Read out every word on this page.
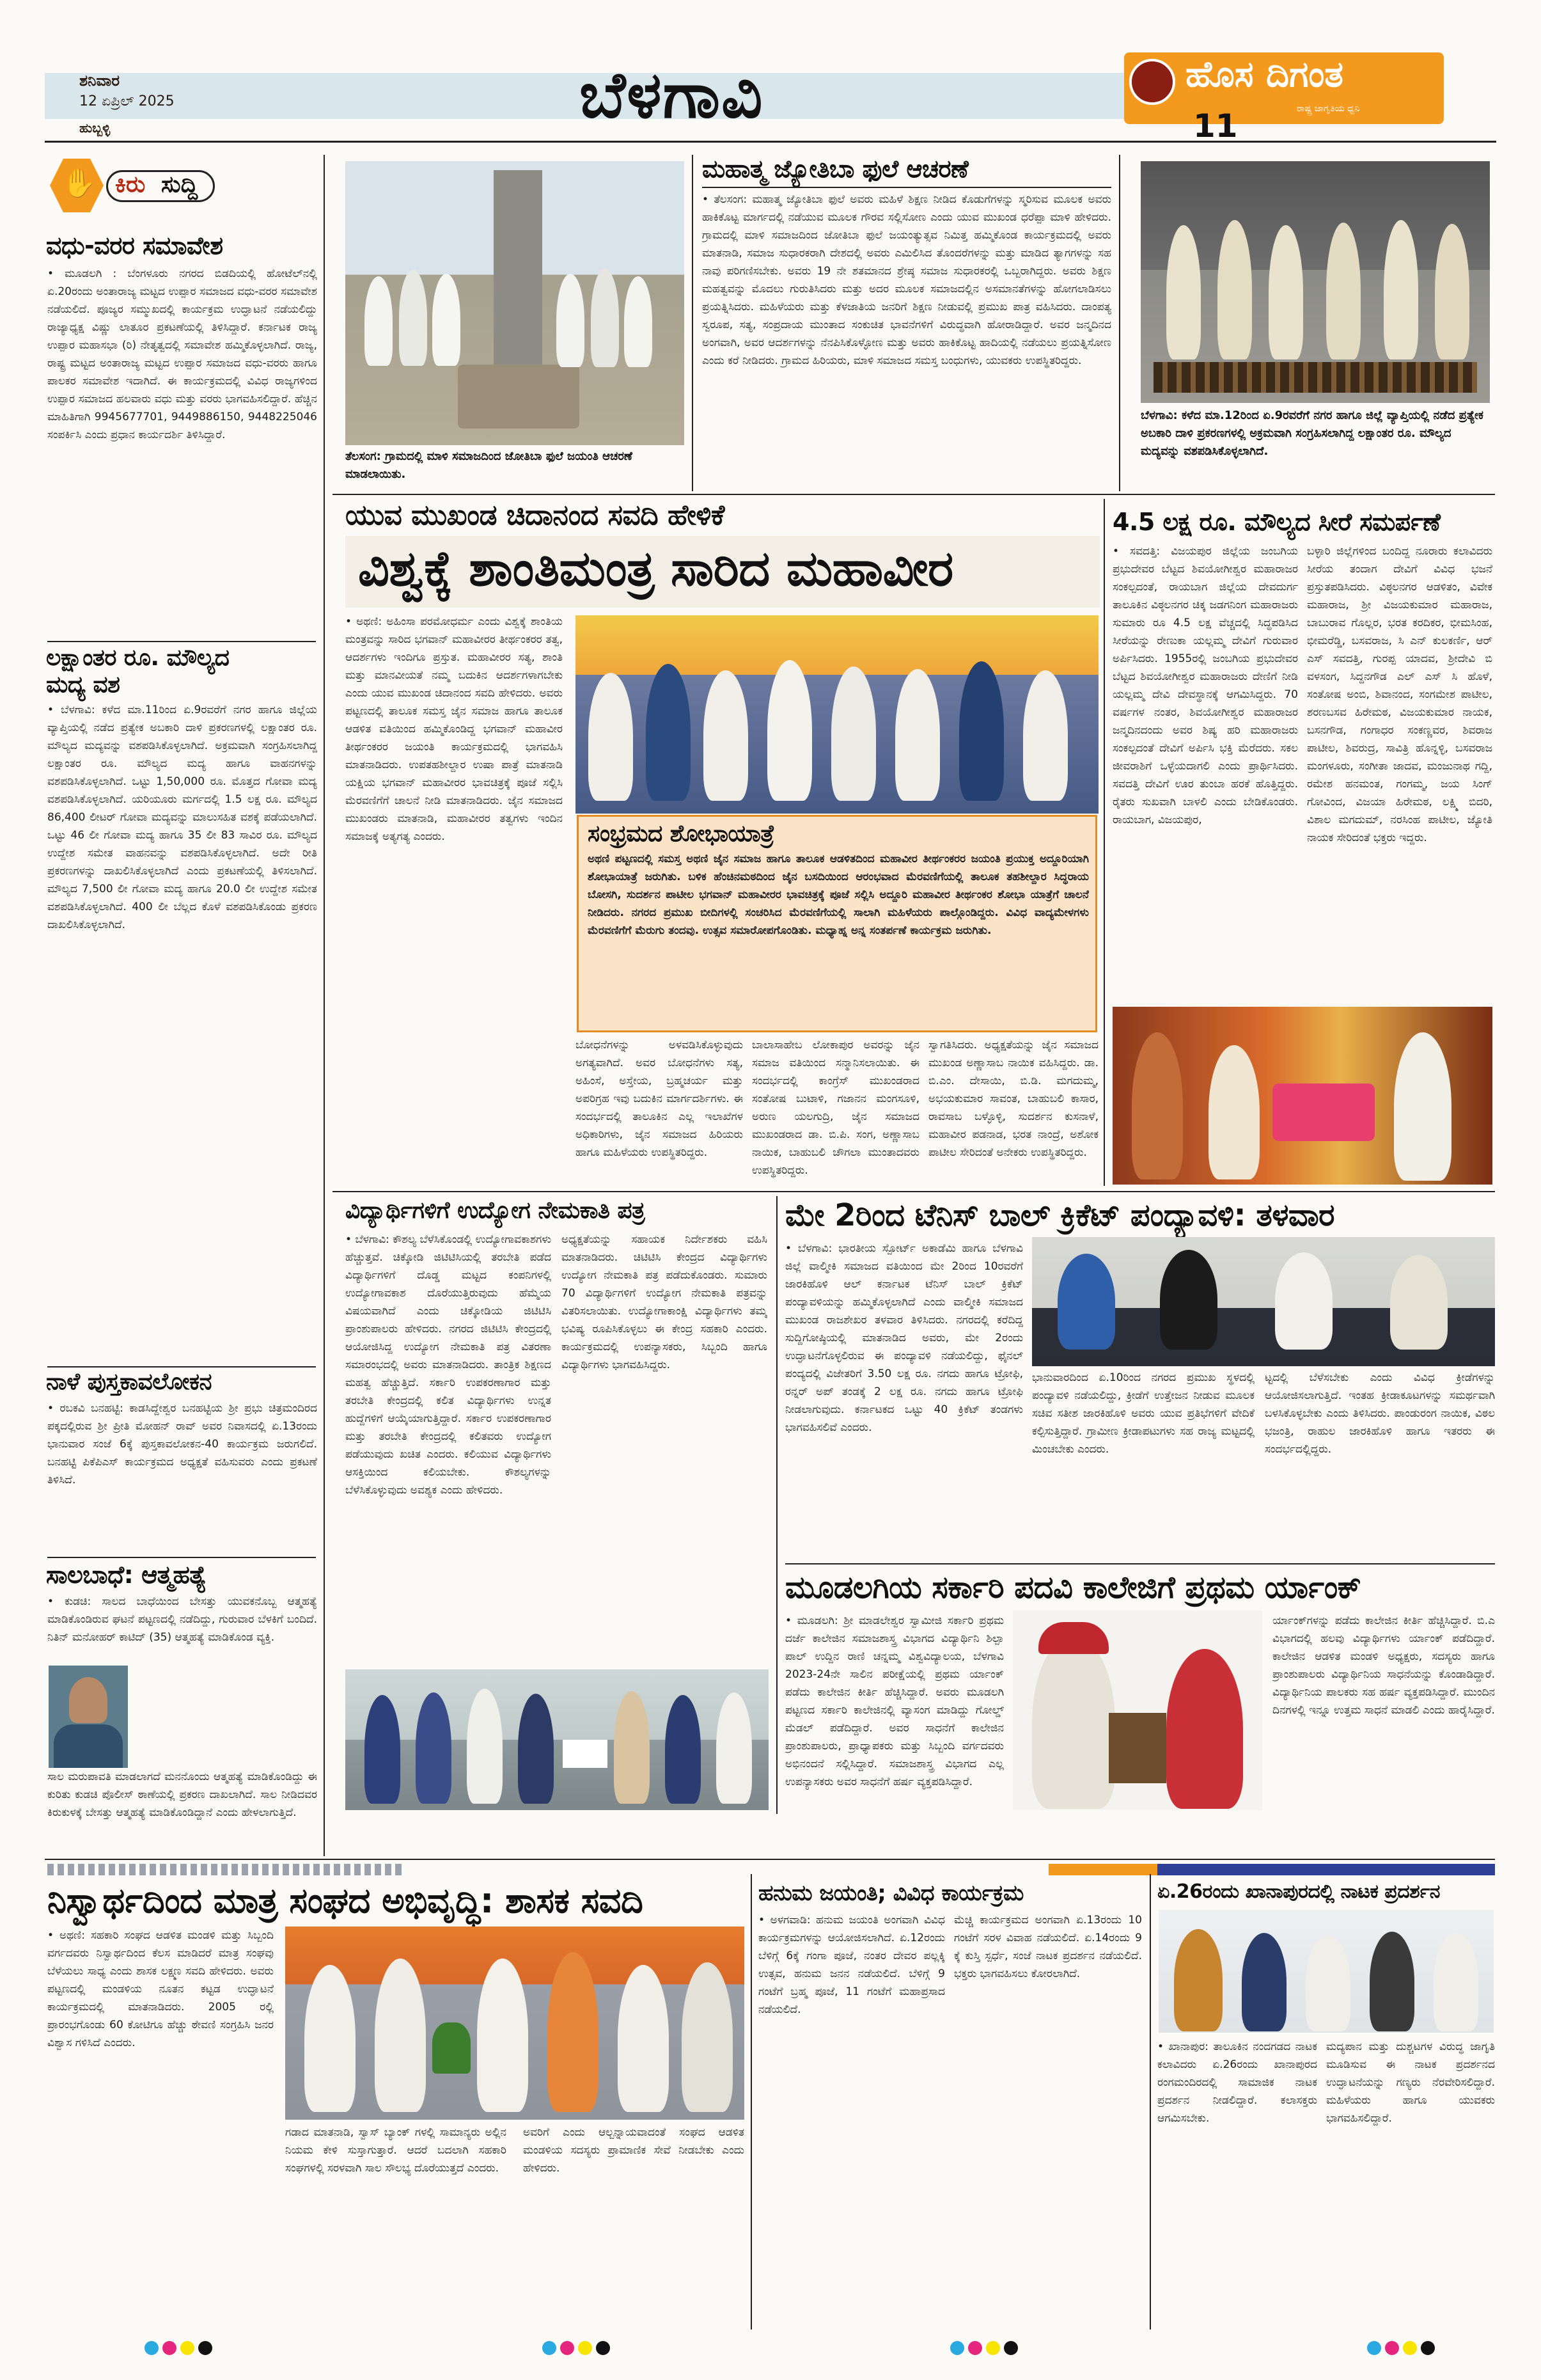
ಶನಿವಾರ
12 ಏಪ್ರಿಲ್ 2025
ಹುಬ್ಬಳ್ಳಿ	ಬೆಳಗಾವಿ	ಹೊಸ ದಿಗಂತ
ರಾಷ್ಟ್ರ ಜಾಗೃತಿಯ ಧ್ವನಿ
11
✋ ಕಿರು ಸುದ್ದಿ
ವಧು-ವರರ ಸಮಾವೇಶ
• ಮೂಡಲಗಿ : ಬೆಂಗಳೂರು ನಗರದ ಬಿಡದಿಯಲ್ಲಿ ಹೋಟೆಲ್‌ನಲ್ಲಿ ಏ.20ರಂದು ಅಂತಾರಾಜ್ಯ ಮಟ್ಟದ ಉಪ್ಪಾರ ಸಮಾಜದ ವಧು-ವರರ ಸಮಾವೇಶ ನಡೆಯಲಿದೆ. ಪೂಜ್ಯರ ಸಮ್ಮುಖದಲ್ಲಿ ಕಾರ್ಯಕ್ರಮ ಉದ್ಘಾಟನೆ ನಡೆಯಲಿದ್ದು ರಾಜ್ಯಾಧ್ಯಕ್ಷ ವಿಷ್ಣು ಲಾತೂರ ಪ್ರಕಟಣೆಯಲ್ಲಿ ತಿಳಿಸಿದ್ದಾರೆ. ಕರ್ನಾಟಕ ರಾಜ್ಯ ಉಪ್ಪಾರ ಮಹಾಸಭಾ (ರಿ) ನೇತೃತ್ವದಲ್ಲಿ ಸಮಾವೇಶ ಹಮ್ಮಿಕೊಳ್ಳಲಾಗಿದೆ. ರಾಜ್ಯ, ರಾಷ್ಟ್ರ ಮಟ್ಟದ ಅಂತಾರಾಜ್ಯ ಮಟ್ಟದ ಉಪ್ಪಾರ ಸಮಾಜದ ವಧು-ವರರು ಹಾಗೂ ಪಾಲಕರ ಸಮಾವೇಶ ಇದಾಗಿದೆ. ಈ ಕಾರ್ಯಕ್ರಮದಲ್ಲಿ ವಿವಿಧ ರಾಜ್ಯಗಳಿಂದ ಉಪ್ಪಾರ ಸಮಾಜದ ಹಲವಾರು ವಧು ಮತ್ತು ವರರು ಭಾಗವಹಿಸಲಿದ್ದಾರೆ. ಹೆಚ್ಚಿನ ಮಾಹಿತಿಗಾಗಿ 9945677701, 9449886150, 9448225046 ಸಂಪರ್ಕಿಸಿ ಎಂದು ಪ್ರಧಾನ ಕಾರ್ಯದರ್ಶಿ ತಿಳಿಸಿದ್ದಾರೆ.
ಲಕ್ಷಾಂತರ ರೂ. ಮೌಲ್ಯದ
ಮದ್ಯ ವಶ
• ಬೆಳಗಾವಿ: ಕಳೆದ ಮಾ.11ರಿಂದ ಏ.9ರವರೆಗೆ ನಗರ ಹಾಗೂ ಜಿಲ್ಲೆಯ ವ್ಯಾಪ್ತಿಯಲ್ಲಿ ನಡೆದ ಪ್ರತ್ಯೇಕ ಅಬಕಾರಿ ದಾಳಿ ಪ್ರಕರಣಗಳಲ್ಲಿ ಲಕ್ಷಾಂತರ ರೂ. ಮೌಲ್ಯದ ಮದ್ಯವನ್ನು ವಶಪಡಿಸಿಕೊಳ್ಳಲಾಗಿದೆ. ಅಕ್ರಮವಾಗಿ ಸಂಗ್ರಹಿಸಲಾಗಿದ್ದ ಲಕ್ಷಾಂತರ ರೂ. ಮೌಲ್ಯದ ಮದ್ಯ ಹಾಗೂ ವಾಹನಗಳನ್ನು ವಶಪಡಿಸಿಕೊಳ್ಳಲಾಗಿದೆ. ಒಟ್ಟು 1,50,000 ರೂ. ಮೊತ್ತದ ಗೋವಾ ಮದ್ಯ ವಶಪಡಿಸಿಕೊಳ್ಳಲಾಗಿದೆ. ಯರಿಯೂರು ಮರ್ಗದಲ್ಲಿ 1.5 ಲಕ್ಷ ರೂ. ಮೌಲ್ಯದ 86,400 ಲೀಟರ್ ಗೋವಾ ಮದ್ಯವನ್ನು ಮಾಲುಸಹಿತ ವಶಕ್ಕೆ ಪಡೆಯಲಾಗಿದೆ. ಒಟ್ಟು 46 ಲೀ ಗೋವಾ ಮದ್ಯ ಹಾಗೂ 35 ಲೀ 83 ಸಾವಿರ ರೂ. ಮೌಲ್ಯದ ಉದ್ದೇಶ ಸಮೇತ ವಾಹನವನ್ನು ವಶಪಡಿಸಿಕೊಳ್ಳಲಾಗಿದೆ. ಅದೇ ರೀತಿ ಪ್ರಕರಣಗಳನ್ನು ದಾಖಲಿಸಿಕೊಳ್ಳಲಾಗಿದೆ ಎಂದು ಪ್ರಕಟಣೆಯಲ್ಲಿ ತಿಳಿಸಲಾಗಿದೆ. ಮೌಲ್ಯದ 7,500 ಲೀ ಗೋವಾ ಮದ್ಯ ಹಾಗೂ 20.0 ಲೀ ಉದ್ದೇಶ ಸಮೇತ ವಶಪಡಿಸಿಕೊಳ್ಳಲಾಗಿದೆ. 400 ಲೀ ಬೆಲ್ಲದ ಕೊಳೆ ವಶಪಡಿಸಿಕೊಂಡು ಪ್ರಕರಣ ದಾಖಲಿಸಿಕೊಳ್ಳಲಾಗಿದೆ.
ನಾಳೆ ಪುಸ್ತಕಾವಲೋಕನ
• ರಬಕವಿ ಬನಹಟ್ಟಿ: ಕಾಡಸಿದ್ದೇಶ್ವರ ಬನಹಟ್ಟಿಯ ಶ್ರೀ ಪ್ರಭು ಚಿತ್ರಮಂದಿರದ ಪಕ್ಕದಲ್ಲಿರುವ ಶ್ರೀ ಪ್ರೀತಿ ಮೋಹನ್ ರಾವ್ ಅವರ ನಿವಾಸದಲ್ಲಿ ಏ.13ರಂದು ಭಾನುವಾರ ಸಂಜೆ 6ಕ್ಕೆ ಪುಸ್ತಕಾವಲೋಕನ-40 ಕಾರ್ಯಕ್ರಮ ಜರುಗಲಿದೆ. ಬನಹಟ್ಟಿ ಪಿಕೆಪಿಎಸ್ ಕಾರ್ಯಕ್ರಮದ ಅಧ್ಯಕ್ಷತೆ ವಹಿಸುವರು ಎಂದು ಪ್ರಕಟಣೆ ತಿಳಿಸಿದೆ.
ಸಾಲಬಾಧೆ: ಆತ್ಮಹತ್ಯೆ
• ಕುಡಚಿ: ಸಾಲದ ಬಾಧೆಯಿಂದ ಬೇಸತ್ತು ಯುವಕನೊಬ್ಬ ಆತ್ಮಹತ್ಯೆ ಮಾಡಿಕೊಂಡಿರುವ ಘಟನೆ ಪಟ್ಟಣದಲ್ಲಿ ನಡೆದಿದ್ದು, ಗುರುವಾರ ಬೆಳಕಿಗೆ ಬಂದಿದೆ. ನಿತಿನ್ ಮನೋಹರ್ ಕಾಟಿದ್ (35) ಆತ್ಮಹತ್ಯೆ ಮಾಡಿಕೊಂಡ ವ್ಯಕ್ತಿ.
ಸಾಲ ಮರುಪಾವತಿ ಮಾಡಲಾಗದೆ ಮನನೊಂದು ಆತ್ಮಹತ್ಯೆ ಮಾಡಿಕೊಂಡಿದ್ದು ಈ ಕುರಿತು ಕುಡಚಿ ಪೊಲೀಸ್ ಠಾಣೆಯಲ್ಲಿ ಪ್ರಕರಣ ದಾಖಲಾಗಿದೆ. ಸಾಲ ನೀಡಿದವರ ಕಿರುಕುಳಕ್ಕೆ ಬೇಸತ್ತು ಆತ್ಮಹತ್ಯೆ ಮಾಡಿಕೊಂಡಿದ್ದಾನೆ ಎಂದು ಹೇಳಲಾಗುತ್ತಿದೆ.
ತೆಲಸಂಗ: ಗ್ರಾಮದಲ್ಲಿ ಮಾಳಿ ಸಮಾಜದಿಂದ ಜೋತಿಬಾ ಫುಲೆ ಜಯಂತಿ ಆಚರಣೆ ಮಾಡಲಾಯಿತು.
ಮಹಾತ್ಮ ಜ್ಯೋತಿಬಾ ಫುಲೆ ಆಚರಣೆ
• ತೆಲಸಂಗ: ಮಹಾತ್ಮ ಜ್ಯೋತಿಬಾ ಫುಲೆ ಅವರು ಮಹಿಳೆ ಶಿಕ್ಷಣ ನೀಡಿದ ಕೊಡುಗೆಗಳನ್ನು ಸ್ಮರಿಸುವ ಮೂಲಕ ಅವರು ಹಾಕಿಕೊಟ್ಟ ಮಾರ್ಗದಲ್ಲಿ ನಡೆಯುವ ಮೂಲಕ ಗೌರವ ಸಲ್ಲಿಸೋಣ ಎಂದು ಯುವ ಮುಖಂಡ ಧರೆಪ್ಪಾ ಮಾಳಿ ಹೇಳಿದರು. ಗ್ರಾಮದಲ್ಲಿ ಮಾಳಿ ಸಮಾಜದಿಂದ ಜೋತಿಬಾ ಫುಲೆ ಜಯಂತ್ಯುತ್ಸವ ನಿಮಿತ್ತ ಹಮ್ಮಿಕೊಂಡ ಕಾರ್ಯಕ್ರಮದಲ್ಲಿ ಅವರು ಮಾತನಾಡಿ, ಸಮಾಜ ಸುಧಾರಕರಾಗಿ ದೇಶದಲ್ಲಿ ಅವರು ಎಮಿಲಿಸಿದ ತೊಂದರೆಗಳನ್ನು ಮತ್ತು ಮಾಡಿದ ತ್ಯಾಗಗಳನ್ನು ಸಹ ನಾವು ಪರಿಗಣಿಸಬೇಕು. ಅವರು 19 ನೇ ಶತಮಾನದ ಶ್ರೇಷ್ಠ ಸಮಾಜ ಸುಧಾರಕರಲ್ಲಿ ಒಬ್ಬರಾಗಿದ್ದರು. ಅವರು ಶಿಕ್ಷಣ ಮಹತ್ವವನ್ನು ಮೊದಲು ಗುರುತಿಸಿದರು ಮತ್ತು ಅದರ ಮೂಲಕ ಸಮಾಜದಲ್ಲಿನ ಅಸಮಾನತೆಗಳನ್ನು ಹೋಗಲಾಡಿಸಲು ಪ್ರಯತ್ನಿಸಿದರು. ಮಹಿಳೆಯರು ಮತ್ತು ಕೆಳಜಾತಿಯ ಜನರಿಗೆ ಶಿಕ್ಷಣ ನೀಡುವಲ್ಲಿ ಪ್ರಮುಖ ಪಾತ್ರ ವಹಿಸಿದರು. ದಾಂಪತ್ಯ ಸ್ವರೂಪ, ಸತ್ಯ, ಸಂಪ್ರದಾಯ ಮುಂತಾದ ಸಂಕುಚಿತ ಭಾವನೆಗಳಿಗೆ ವಿರುದ್ಧವಾಗಿ ಹೋರಾಡಿದ್ದಾರೆ. ಅವರ ಜನ್ಮದಿನದ ಅಂಗವಾಗಿ, ಅವರ ಆದರ್ಶಗಳನ್ನು ನೆನಪಿಸಿಕೊಳ್ಳೋಣ ಮತ್ತು ಅವರು ಹಾಕಿಕೊಟ್ಟ ಹಾದಿಯಲ್ಲಿ ನಡೆಯಲು ಪ್ರಯತ್ನಿಸೋಣ ಎಂದು ಕರೆ ನೀಡಿದರು. ಗ್ರಾಮದ ಹಿರಿಯರು, ಮಾಳಿ ಸಮಾಜದ ಸಮಸ್ತ ಬಂಧುಗಳು, ಯುವಕರು ಉಪಸ್ಥಿತರಿದ್ದರು.
ಬೆಳಗಾವಿ: ಕಳೆದ ಮಾ.12ರಿಂದ ಏ.9ರವರೆಗೆ ನಗರ ಹಾಗೂ ಜಿಲ್ಲೆ ವ್ಯಾಪ್ತಿಯಲ್ಲಿ ನಡೆದ ಪ್ರತ್ಯೇಕ ಅಬಕಾರಿ ದಾಳಿ ಪ್ರಕರಣಗಳಲ್ಲಿ ಅಕ್ರಮವಾಗಿ ಸಂಗ್ರಹಿಸಲಾಗಿದ್ದ ಲಕ್ಷಾಂತರ ರೂ. ಮೌಲ್ಯದ ಮದ್ಯವನ್ನು ವಶಪಡಿಸಿಕೊಳ್ಳಲಾಗಿದೆ.
ಯುವ ಮುಖಂಡ ಚಿದಾನಂದ ಸವದಿ ಹೇಳಿಕೆ
ವಿಶ್ವಕ್ಕೆ ಶಾಂತಿಮಂತ್ರ ಸಾರಿದ ಮಹಾವೀರ
• ಅಥಣಿ: ಅಹಿಂಸಾ ಪರಮೋಧರ್ಮ ಎಂದು ವಿಶ್ವಕ್ಕೆ ಶಾಂತಿಯ ಮಂತ್ರವನ್ನು ಸಾರಿದ ಭಗವಾನ್ ಮಹಾವೀರರ ತೀರ್ಥಂಕರರ ತತ್ವ, ಆದರ್ಶಗಳು ಇಂದಿಗೂ ಪ್ರಸ್ತುತ. ಮಹಾವೀರರ ಸತ್ಯ, ಶಾಂತಿ ಮತ್ತು ಮಾನವೀಯತೆ ನಮ್ಮ ಬದುಕಿನ ಆದರ್ಶಗಳಾಗಬೇಕು ಎಂದು ಯುವ ಮುಖಂಡ ಚಿದಾನಂದ ಸವದಿ ಹೇಳಿದರು. ಅವರು ಪಟ್ಟಣದಲ್ಲಿ ತಾಲೂಕ ಸಮಸ್ತ ಜೈನ ಸಮಾಜ ಹಾಗೂ ತಾಲೂಕ ಆಡಳಿತ ವತಿಯಿಂದ ಹಮ್ಮಿಕೊಂಡಿದ್ದ ಭಗವಾನ್ ಮಹಾವೀರ ತೀರ್ಥಂಕರರ ಜಯಂತಿ ಕಾರ್ಯಕ್ರಮದಲ್ಲಿ ಭಾಗವಹಿಸಿ ಮಾತನಾಡಿದರು. ಉಪತಹಶೀಲ್ದಾರ ಉಷಾ ಪಾತ್ರೆ ಮಾತನಾಡಿ ಯಕ್ಷಿಯ ಭಗವಾನ್ ಮಹಾವೀರರ ಭಾವಚಿತ್ರಕ್ಕೆ ಪೂಜೆ ಸಲ್ಲಿಸಿ ಮೆರವಣಿಗೆಗೆ ಚಾಲನೆ ನೀಡಿ ಮಾತನಾಡಿದರು. ಜೈನ ಸಮಾಜದ ಮುಖಂಡರು ಮಾತನಾಡಿ, ಮಹಾವೀರರ ತತ್ವಗಳು ಇಂದಿನ ಸಮಾಜಕ್ಕೆ ಅತ್ಯಗತ್ಯ ಎಂದರು.	ಸಂಭ್ರಮದ ಶೋಭಾಯಾತ್ರೆ
ಅಥಣಿ ಪಟ್ಟಣದಲ್ಲಿ ಸಮಸ್ತ ಅಥಣಿ ಜೈನ ಸಮಾಜ ಹಾಗೂ ತಾಲೂಕ ಆಡಳಿತದಿಂದ ಮಹಾವೀರ ತೀರ್ಥಂಕರರ ಜಯಂತಿ ಪ್ರಯುಕ್ತ ಅದ್ದೂರಿಯಾಗಿ ಶೋಭಾಯಾತ್ರೆ ಜರುಗಿತು. ಬಳಿಕ ಹೆಂಚಿನಮಠದಿಂದ ಜೈನ ಬಸದಿಯಿಂದ ಆರಂಭವಾದ ಮೆರವಣಿಗೆಯಲ್ಲಿ ತಾಲೂಕ ತಹಶೀಲ್ದಾರ ಸಿದ್ಧರಾಯ ಬೋಸಗಿ, ಸುದರ್ಶನ ಪಾಟೀಲ ಭಗವಾನ್ ಮಹಾವೀರರ ಭಾವಚಿತ್ರಕ್ಕೆ ಪೂಜೆ ಸಲ್ಲಿಸಿ ಅದ್ದೂರಿ ಮಹಾವೀರ ತೀರ್ಥಂಕರ ಶೋಭಾ ಯಾತ್ರೆಗೆ ಚಾಲನೆ ನೀಡಿದರು. ನಗರದ ಪ್ರಮುಖ ಬೀದಿಗಳಲ್ಲಿ ಸಂಚರಿಸಿದ ಮೆರವಣಿಗೆಯಲ್ಲಿ ಸಾಲಾಗಿ ಮಹಿಳೆಯರು ಪಾಲ್ಗೊಂಡಿದ್ದರು. ವಿವಿಧ ವಾದ್ಯಮೇಳಗಳು ಮೆರವಣಿಗೆಗೆ ಮೆರುಗು ತಂದವು. ಉತ್ಸವ ಸಮಾರೋಪಗೊಂಡಿತು. ಮಧ್ಯಾಹ್ನ ಅನ್ನ ಸಂತರ್ಪಣೆ ಕಾರ್ಯಕ್ರಮ ಜರುಗಿತು.
ಬೋಧನೆಗಳನ್ನು ಅಳವಡಿಸಿಕೊಳ್ಳುವುದು ಅಗತ್ಯವಾಗಿದೆ. ಅವರ ಬೋಧನೆಗಳು ಸತ್ಯ, ಅಹಿಂಸೆ, ಅಸ್ತೇಯ, ಬ್ರಹ್ಮಚರ್ಯ ಮತ್ತು ಅಪರಿಗ್ರಹ ಇವು ಬದುಕಿನ ಮಾರ್ಗದರ್ಶಿಗಳು. ಈ ಸಂದರ್ಭದಲ್ಲಿ ತಾಲೂಕಿನ ಎಲ್ಲ ಇಲಾಖೆಗಳ ಅಧಿಕಾರಿಗಳು, ಜೈನ ಸಮಾಜದ ಹಿರಿಯರು ಹಾಗೂ ಮಹಿಳೆಯರು ಉಪಸ್ಥಿತರಿದ್ದರು.
ಬಾಲಾಸಾಹೇಬ ಲೋಕಾಪುರ ಅವರನ್ನು ಜೈನ ಸಮಾಜ ವತಿಯಿಂದ ಸನ್ಮಾನಿಸಲಾಯಿತು. ಈ ಸಂದರ್ಭದಲ್ಲಿ ಕಾಂಗ್ರೆಸ್ ಮುಖಂಡರಾದ ಸಂತೋಷ ಬುಟಾಳಿ, ಗಜಾನನ ಮಂಗಸೂಳಿ, ಅರುಣ ಯಲಗುದ್ರಿ, ಜೈನ ಸಮಾಜದ ಮುಖಂಡರಾದ ಡಾ. ಬಿ.ಪಿ. ಸಂಗ, ಅಣ್ಣಾಸಾಬ ನಾಯಿಕ, ಬಾಹುಬಲಿ ಚೌಗಲಾ ಮುಂತಾದವರು ಉಪಸ್ಥಿತರಿದ್ದರು.
ಸ್ವಾಗತಿಸಿದರು. ಅಧ್ಯಕ್ಷತೆಯನ್ನು ಜೈನ ಸಮಾಜದ ಮುಖಂಡ ಅಣ್ಣಾಸಾಬ ನಾಯಿಕ ವಹಿಸಿದ್ದರು. ಡಾ. ಬಿ.ಎಂ. ದೇಸಾಯಿ, ಬಿ.ಡಿ. ಮಗದುಮ್ಮ, ಅಭಯಕುಮಾರ ಸಾವಂತ, ಬಾಹುಬಲಿ ಕಾಸಾರ, ರಾವಸಾಬ ಬಳ್ಳೊಳ್ಳಿ, ಸುದರ್ಶನ ಕುಸನಾಳೆ, ಮಹಾವೀರ ಪಡನಾಡ, ಭರತ ನಾಂದ್ರೆ, ಅಶೋಕ ಪಾಟೀಲ ಸೇರಿದಂತೆ ಅನೇಕರು ಉಪಸ್ಥಿತರಿದ್ದರು.
4.5 ಲಕ್ಷ ರೂ. ಮೌಲ್ಯದ ಸೀರೆ ಸಮರ್ಪಣೆ
• ಸವದತ್ತಿ: ವಿಜಯಪುರ ಜಿಲ್ಲೆಯ ಜಂಬಗಿಯ ಪ್ರಭುದೇವರ ಬೆಟ್ಟದ ಶಿವಯೋಗೀಶ್ವರ ಮಹಾರಾಜರ ಸಂಕಲ್ಪದಂತೆ, ರಾಯಬಾಗ ಜಿಲ್ಲೆಯ ದೇವದುರ್ಗ ತಾಲೂಕಿನ ವಿಠ್ಠಲನಗರ ಚಿಕ್ಕ ಜಡಗನಿಂಗ ಮಹಾರಾಜರು ಸುಮಾರು ರೂ 4.5 ಲಕ್ಷ ವೆಚ್ಚದಲ್ಲಿ ಸಿದ್ಧಪಡಿಸಿದ ಸೀರೆಯನ್ನು ರೇಣುಕಾ ಯಲ್ಲಮ್ಮ ದೇವಿಗೆ ಗುರುವಾರ ಅರ್ಪಿಸಿದರು. 1955ರಲ್ಲಿ ಜಂಬಗಿಯ ಪ್ರಭುದೇವರ ಬೆಟ್ಟದ ಶಿವಯೋಗೀಶ್ವರ ಮಹಾರಾಜರು ದೇಣಿಗೆ ನೀಡಿ ಯಲ್ಲಮ್ಮ ದೇವಿ ದೇವಸ್ಥಾನಕ್ಕೆ ಆಗಮಿಸಿದ್ದರು. 70 ವರ್ಷಗಳ ನಂತರ, ಶಿವಯೋಗೀಶ್ವರ ಮಹಾರಾಜರ ಜನ್ಮದಿನದಂದು ಅವರ ಶಿಷ್ಯ ಹರಿ ಮಹಾರಾಜರು ಸಂಕಲ್ಪದಂತೆ ದೇವಿಗೆ ಅರ್ಪಿಸಿ ಭಕ್ತಿ ಮೆರೆದರು. ಸಕಲ ಜೀವರಾಶಿಗೆ ಒಳ್ಳೆಯದಾಗಲಿ ಎಂದು ಪ್ರಾರ್ಥಿಸಿದರು. ಸವದತ್ತಿ ದೇವಿಗೆ ಊರ ತುಂಬಾ ಹರಕೆ ಹೊತ್ತಿದ್ದರು. ರೈತರು ಸುಖವಾಗಿ ಬಾಳಲಿ ಎಂದು ಬೇಡಿಕೊಂಡರು. ರಾಯಬಾಗ, ವಿಜಯಪುರ,
ಬಳ್ಳಾರಿ ಜಿಲ್ಲೆಗಳಿಂದ ಬಂದಿದ್ದ ನೂರಾರು ಕಲಾವಿದರು ಸೀರೆಯ ತಂದಾಗ ದೇವಿಗೆ ವಿವಿಧ ಭಜನೆ ಪ್ರಸ್ತುತಪಡಿಸಿದರು. ವಿಠ್ಠಲನಗರ ಆಡಳಿತಂ, ವಿವೇಕ ಮಹಾರಾಜ, ಶ್ರೀ ವಿಜಯಕುಮಾರ ಮಹಾರಾಜ, ಬಾಬುರಾವ ಗೊಲ್ಲರ, ಭರತ ಕರದಿಕರ, ಭೀಮಸಿಂಹ, ಭೀಮರೆಡ್ಡಿ, ಬಸವರಾಜ, ಸಿ ಎನ್ ಕುಲಕರ್ಣಿ, ಆರ್ ಎಸ್ ಸವದತ್ತಿ, ಗುರಪ್ಪ ಯಾದವ, ಶ್ರೀದೇವಿ ಬಿ ವಳಸಂಗ, ಸಿದ್ದನಗೌಡ ಎಲ್ ಎಸ್ ಸಿ ಹೊಳೆ, ಸಂತೋಷ ಅಂಬಿ, ಶಿವಾನಂದ, ಸಂಗಮೇಶ ಪಾಟೀಲ, ಶರಣಬಸವ ಹಿರೇಮಠ, ವಿಜಯಕುಮಾರ ನಾಯಕ, ಬಸನಗೌಡ, ಗಂಗಾಧರ ಸಂಕಣ್ಣವರ, ಶಿವರಾಜ ಪಾಟೀಲ, ಶಿವರುದ್ರ, ಸಾವಿತ್ರಿ ಹೊನ್ನಳ್ಳಿ, ಬಸವರಾಜ ಮಂಗಳೂರು, ಸಂಗೀತಾ ಜಾದವ, ಮಂಜುನಾಥ ಗದ್ದಿ, ರಮೇಶ ಹನಮಂತ, ಗಂಗಮ್ಮ, ಜಯ ಸಿಂಗ್ ಗೋವಿಂದ, ವಿಜಯಾ ಹಿರೇಮಠ, ಲಕ್ಷ್ಮಿ ಬಿದರಿ, ವಿಶಾಲ ಮಗದುಮ್, ನರಸಿಂಹ ಪಾಟೀಲ, ಜ್ಯೋತಿ ನಾಯಕ ಸೇರಿದಂತೆ ಭಕ್ತರು ಇದ್ದರು.
ವಿದ್ಯಾರ್ಥಿಗಳಿಗೆ ಉದ್ಯೋಗ ನೇಮಕಾತಿ ಪತ್ರ
• ಬೆಳಗಾವಿ: ಕೌಶಲ್ಯ ಬೆಳೆಸಿಕೊಂಡಲ್ಲಿ ಉದ್ಯೋಗಾವಕಾಶಗಳು ಹೆಚ್ಚುತ್ತವೆ. ಚಿಕ್ಕೋಡಿ ಜಿಟಿಟಿಸಿಯಲ್ಲಿ ತರಬೇತಿ ಪಡೆದ ವಿದ್ಯಾರ್ಥಿಗಳಿಗೆ ದೊಡ್ಡ ಮಟ್ಟದ ಕಂಪನಿಗಳಲ್ಲಿ ಉದ್ಯೋಗಾವಕಾಶ ದೊರೆಯುತ್ತಿರುವುದು ಹೆಮ್ಮೆಯ ವಿಷಯವಾಗಿದೆ ಎಂದು ಚಿಕ್ಕೋಡಿಯ ಜಿಟಿಟಿಸಿ ಪ್ರಾಂಶುಪಾಲರು ಹೇಳಿದರು. ನಗರದ ಜಿಟಿಟಿಸಿ ಕೇಂದ್ರದಲ್ಲಿ ಆಯೋಜಿಸಿದ್ದ ಉದ್ಯೋಗ ನೇಮಕಾತಿ ಪತ್ರ ವಿತರಣಾ ಸಮಾರಂಭದಲ್ಲಿ ಅವರು ಮಾತನಾಡಿದರು. ತಾಂತ್ರಿಕ ಶಿಕ್ಷಣದ ಮಹತ್ವ ಹೆಚ್ಚುತ್ತಿದೆ. ಸರ್ಕಾರಿ ಉಪಕರಣಾಗಾರ ಮತ್ತು ತರಬೇತಿ ಕೇಂದ್ರದಲ್ಲಿ ಕಲಿತ ವಿದ್ಯಾರ್ಥಿಗಳು ಉನ್ನತ ಹುದ್ದೆಗಳಿಗೆ ಆಯ್ಕೆಯಾಗುತ್ತಿದ್ದಾರೆ. ಸರ್ಕಾರ ಉಪಕರಣಾಗಾರ ಮತ್ತು ತರಬೇತಿ ಕೇಂದ್ರದಲ್ಲಿ ಕಲಿತವರು ಉದ್ಯೋಗ ಪಡೆಯುವುದು ಖಚಿತ ಎಂದರು. ಕಲಿಯುವ ವಿದ್ಯಾರ್ಥಿಗಳು ಆಸಕ್ತಿಯಿಂದ ಕಲಿಯಬೇಕು. ಕೌಶಲ್ಯಗಳನ್ನು ಬೆಳೆಸಿಕೊಳ್ಳುವುದು ಅವಶ್ಯಕ ಎಂದು ಹೇಳಿದರು.
ಅಧ್ಯಕ್ಷತೆಯನ್ನು ಸಹಾಯಕ ನಿರ್ದೇಶಕರು ವಹಿಸಿ ಮಾತನಾಡಿದರು. ಚಿಟಿಟಿಸಿ ಕೇಂದ್ರದ ವಿದ್ಯಾರ್ಥಿಗಳು ಉದ್ಯೋಗ ನೇಮಕಾತಿ ಪತ್ರ ಪಡೆದುಕೊಂಡರು. ಸುಮಾರು 70 ವಿದ್ಯಾರ್ಥಿಗಳಿಗೆ ಉದ್ಯೋಗ ನೇಮಕಾತಿ ಪತ್ರವನ್ನು ವಿತರಿಸಲಾಯಿತು. ಉದ್ಯೋಗಾಕಾಂಕ್ಷಿ ವಿದ್ಯಾರ್ಥಿಗಳು ತಮ್ಮ ಭವಿಷ್ಯ ರೂಪಿಸಿಕೊಳ್ಳಲು ಈ ಕೇಂದ್ರ ಸಹಕಾರಿ ಎಂದರು. ಕಾರ್ಯಕ್ರಮದಲ್ಲಿ ಉಪನ್ಯಾಸಕರು, ಸಿಬ್ಬಂದಿ ಹಾಗೂ ವಿದ್ಯಾರ್ಥಿಗಳು ಭಾಗವಹಿಸಿದ್ದರು.
ಮೇ 2ರಿಂದ ಟೆನಿಸ್ ಬಾಲ್ ಕ್ರಿಕೆಟ್ ಪಂದ್ಯಾವಳಿ: ತಳವಾರ
• ಬೆಳಗಾವಿ: ಭಾರತೀಯ ಸ್ಪೋರ್ಟ್ ಅಕಾಡೆಮಿ ಹಾಗೂ ಬೆಳಗಾವಿ ಜಿಲ್ಲೆ ವಾಲ್ಮೀಕಿ ಸಮಾಜದ ವತಿಯಿಂದ ಮೇ 2ರಿಂದ 10ರವರೆಗೆ ಜಾರಕಿಹೊಳಿ ಆಲ್ ಕರ್ನಾಟಕ ಟೆನಿಸ್ ಬಾಲ್ ಕ್ರಿಕೆಟ್ ಪಂದ್ಯಾವಳಿಯನ್ನು ಹಮ್ಮಿಕೊಳ್ಳಲಾಗಿದೆ ಎಂದು ವಾಲ್ಮೀಕಿ ಸಮಾಜದ ಮುಖಂಡ ರಾಜಶೇಖರ ತಳವಾರ ತಿಳಿಸಿದರು. ನಗರದಲ್ಲಿ ಕರೆದಿದ್ದ ಸುದ್ದಿಗೋಷ್ಠಿಯಲ್ಲಿ ಮಾತನಾಡಿದ ಅವರು, ಮೇ 2ರಂದು ಉದ್ಘಾಟನೆಗೊಳ್ಳಲಿರುವ ಈ ಪಂದ್ಯಾವಳಿ ನಡೆಯಲಿದ್ದು, ಫೈನಲ್ ಪಂದ್ಯದಲ್ಲಿ ವಿಜೇತರಿಗೆ 3.50 ಲಕ್ಷ ರೂ. ನಗದು ಹಾಗೂ ಟ್ರೋಫಿ, ರನ್ನರ್ ಅಪ್ ತಂಡಕ್ಕೆ 2 ಲಕ್ಷ ರೂ. ನಗದು ಹಾಗೂ ಟ್ರೋಫಿ ನೀಡಲಾಗುವುದು. ಕರ್ನಾಟಕದ ಒಟ್ಟು 40 ಕ್ರಿಕೆಟ್ ತಂಡಗಳು ಭಾಗವಹಿಸಲಿವೆ ಎಂದರು.
ಭಾನುವಾರದಿಂದ ಏ.10ರಿಂದ ನಗರದ ಪ್ರಮುಖ ಸ್ಥಳದಲ್ಲಿ ಪಂದ್ಯಾವಳಿ ನಡೆಯಲಿದ್ದು, ಕ್ರೀಡೆಗೆ ಉತ್ತೇಜನ ನೀಡುವ ಮೂಲಕ ಸಚಿವ ಸತೀಶ ಜಾರಕಿಹೊಳಿ ಅವರು ಯುವ ಪ್ರತಿಭೆಗಳಿಗೆ ವೇದಿಕೆ ಕಲ್ಪಿಸುತ್ತಿದ್ದಾರೆ. ಗ್ರಾಮೀಣ ಕ್ರೀಡಾಪಟುಗಳು ಸಹ ರಾಜ್ಯ ಮಟ್ಟದಲ್ಲಿ ಮಿಂಚಬೇಕು ಎಂದರು.
ಟ್ಟದಲ್ಲಿ ಬೆಳೆಸಬೇಕು ಎಂದು ವಿವಿಧ ಕ್ರೀಡೆಗಳನ್ನು ಆಯೋಜಿಸಲಾಗುತ್ತಿದೆ. ಇಂತಹ ಕ್ರೀಡಾಕೂಟಗಳನ್ನು ಸಮರ್ಥವಾಗಿ ಬಳಸಿಕೊಳ್ಳಬೇಕು ಎಂದು ತಿಳಿಸಿದರು. ಪಾಂಡುರಂಗ ನಾಯಿಕ, ವಿಠಲ ಭಜಂತ್ರಿ, ರಾಹುಲ ಜಾರಕಿಹೊಳಿ ಹಾಗೂ ಇತರರು ಈ ಸಂದರ್ಭದಲ್ಲಿದ್ದರು.
ಮೂಡಲಗಿಯ ಸರ್ಕಾರಿ ಪದವಿ ಕಾಲೇಜಿಗೆ ಪ್ರಥಮ ರ್ಯಾಂಕ್
• ಮೂಡಲಗಿ: ಶ್ರೀ ಮಾಡಲೇಶ್ವರ ಸ್ವಾಮೀಜಿ ಸರ್ಕಾರಿ ಪ್ರಥಮ ದರ್ಜೆ ಕಾಲೇಜಿನ ಸಮಾಜಶಾಸ್ತ್ರ ವಿಭಾಗದ ವಿದ್ಯಾರ್ಥಿನಿ ಶಿಲ್ಪಾ ಪಾಲ್ ಉದ್ದಿನ ರಾಣಿ ಚನ್ನಮ್ಮ ವಿಶ್ವವಿದ್ಯಾಲಯ, ಬೆಳಗಾವಿ 2023-24ನೇ ಸಾಲಿನ ಪರೀಕ್ಷೆಯಲ್ಲಿ ಪ್ರಥಮ ರ್ಯಾಂಕ್ ಪಡೆದು ಕಾಲೇಜಿನ ಕೀರ್ತಿ ಹೆಚ್ಚಿಸಿದ್ದಾರೆ. ಅವರು ಮೂಡಲಗಿ ಪಟ್ಟಣದ ಸರ್ಕಾರಿ ಕಾಲೇಜಿನಲ್ಲಿ ವ್ಯಾಸಂಗ ಮಾಡಿದ್ದು ಗೋಲ್ಡ್ ಮೆಡಲ್ ಪಡೆದಿದ್ದಾರೆ. ಅವರ ಸಾಧನೆಗೆ ಕಾಲೇಜಿನ ಪ್ರಾಂಶುಪಾಲರು, ಪ್ರಾಧ್ಯಾಪಕರು ಮತ್ತು ಸಿಬ್ಬಂದಿ ವರ್ಗದವರು ಅಭಿನಂದನೆ ಸಲ್ಲಿಸಿದ್ದಾರೆ. ಸಮಾಜಶಾಸ್ತ್ರ ವಿಭಾಗದ ಎಲ್ಲ ಉಪನ್ಯಾಸಕರು ಅವರ ಸಾಧನೆಗೆ ಹರ್ಷ ವ್ಯಕ್ತಪಡಿಸಿದ್ದಾರೆ.
ರ್ಯಾಂಕ್‌ಗಳನ್ನು ಪಡೆದು ಕಾಲೇಜಿನ ಕೀರ್ತಿ ಹೆಚ್ಚಿಸಿದ್ದಾರೆ. ಬಿ.ಎ ವಿಭಾಗದಲ್ಲಿ ಹಲವು ವಿದ್ಯಾರ್ಥಿಗಳು ರ್ಯಾಂಕ್ ಪಡೆದಿದ್ದಾರೆ. ಕಾಲೇಜಿನ ಆಡಳಿತ ಮಂಡಳಿ ಅಧ್ಯಕ್ಷರು, ಸದಸ್ಯರು ಹಾಗೂ ಪ್ರಾಂಶುಪಾಲರು ವಿದ್ಯಾರ್ಥಿನಿಯ ಸಾಧನೆಯನ್ನು ಕೊಂಡಾಡಿದ್ದಾರೆ. ವಿದ್ಯಾರ್ಥಿನಿಯ ಪಾಲಕರು ಸಹ ಹರ್ಷ ವ್ಯಕ್ತಪಡಿಸಿದ್ದಾರೆ. ಮುಂದಿನ ದಿನಗಳಲ್ಲಿ ಇನ್ನೂ ಉತ್ತಮ ಸಾಧನೆ ಮಾಡಲಿ ಎಂದು ಹಾರೈಸಿದ್ದಾರೆ.
ನಿಸ್ವಾರ್ಥದಿಂದ ಮಾತ್ರ ಸಂಘದ ಅಭಿವೃದ್ಧಿ: ಶಾಸಕ ಸವದಿ
• ಅಥಣಿ: ಸಹಕಾರಿ ಸಂಘದ ಆಡಳಿತ ಮಂಡಳಿ ಮತ್ತು ಸಿಬ್ಬಂದಿ ವರ್ಗದವರು ನಿಸ್ವಾರ್ಥದಿಂದ ಕೆಲಸ ಮಾಡಿದರೆ ಮಾತ್ರ ಸಂಘವು ಬೆಳೆಯಲು ಸಾಧ್ಯ ಎಂದು ಶಾಸಕ ಲಕ್ಷ್ಮಣ ಸವದಿ ಹೇಳಿದರು. ಅವರು ಪಟ್ಟಣದಲ್ಲಿ ಮಂಡಳಿಯ ನೂತನ ಕಟ್ಟಡ ಉದ್ಘಾಟನೆ ಕಾರ್ಯಕ್ರಮದಲ್ಲಿ ಮಾತನಾಡಿದರು. 2005 ರಲ್ಲಿ ಪ್ರಾರಂಭಗೊಂಡು 60 ಕೋಟಿಗೂ ಹೆಚ್ಚು ಠೇವಣಿ ಸಂಗ್ರಹಿಸಿ ಜನರ ವಿಶ್ವಾಸ ಗಳಿಸಿದೆ ಎಂದರು.
ಗಡಾದ ಮಾತನಾಡಿ, ಸ್ವಾಸ್ ಬ್ಯಾಂಕ್ ಗಳಲ್ಲಿ ಸಾಮಾನ್ಯರು ಅಲ್ಲಿನ ನಿಯಮ ಕೇಳಿ ಸುಸ್ತಾಗುತ್ತಾರೆ. ಆದರೆ ಬದಲಾಗಿ ಸಹಕಾರಿ ಸಂಘಗಳಲ್ಲಿ ಸರಳವಾಗಿ ಸಾಲ ಸೌಲಭ್ಯ ದೊರೆಯುತ್ತದೆ ಎಂದರು.
ಅವರಿಗೆ ಎಂದು ಆಲ್ಬನ್ನಾಯವಾದಂತೆ ಸಂಘದ ಆಡಳಿತ ಮಂಡಳಿಯ ಸದಸ್ಯರು ಪ್ರಾಮಾಣಿಕ ಸೇವೆ ನೀಡಬೇಕು ಎಂದು ಹೇಳಿದರು.
ಹನುಮ ಜಯಂತಿ; ವಿವಿಧ ಕಾರ್ಯಕ್ರಮ
• ಅಳಗವಾಡಿ: ಹನುಮ ಜಯಂತಿ ಅಂಗವಾಗಿ ವಿವಿಧ ಕಾರ್ಯಕ್ರಮಗಳನ್ನು ಆಯೋಜಿಸಲಾಗಿದೆ. ಏ.12ರಂದು ಬೆಳಿಗ್ಗೆ 6ಕ್ಕೆ ಗಂಗಾ ಪೂಜೆ, ನಂತರ ದೇವರ ಪಲ್ಲಕ್ಕಿ ಉತ್ಸವ, ಹನುಮ ಜನನ ನಡೆಯಲಿದೆ. ಬೆಳಿಗ್ಗೆ 9 ಗಂಟೆಗೆ ಬ್ರಹ್ಮ ಪೂಜೆ, 11 ಗಂಟೆಗೆ ಮಹಾಪ್ರಸಾದ ನಡೆಯಲಿದೆ.
ಮೆಚ್ಚಿ ಕಾರ್ಯಕ್ರಮದ ಅಂಗವಾಗಿ ಏ.13ರಂದು 10 ಗಂಟೆಗೆ ಸರಳ ವಿವಾಹ ನಡೆಯಲಿದೆ. ಏ.14ರಂದು 9 ಕ್ಕೆ ಕುಸ್ತಿ ಸ್ಪರ್ಧೆ, ಸಂಜೆ ನಾಟಕ ಪ್ರದರ್ಶನ ನಡೆಯಲಿದೆ. ಭಕ್ತರು ಭಾಗವಹಿಸಲು ಕೋರಲಾಗಿದೆ.
ಏ.26ರಂದು ಖಾನಾಪುರದಲ್ಲಿ ನಾಟಕ ಪ್ರದರ್ಶನ
• ಖಾನಾಪುರ: ತಾಲೂಕಿನ ನಂದಗಡದ ನಾಟಕ ಕಲಾವಿದರು ಏ.26ರಂದು ಖಾನಾಪುರದ ರಂಗಮಂದಿರದಲ್ಲಿ ಸಾಮಾಜಿಕ ನಾಟಕ ಪ್ರದರ್ಶನ ನೀಡಲಿದ್ದಾರೆ. ಕಲಾಸಕ್ತರು ಆಗಮಿಸಬೇಕು.
ಮದ್ಯಪಾನ ಮತ್ತು ದುಶ್ಚಟಗಳ ವಿರುದ್ಧ ಜಾಗೃತಿ ಮೂಡಿಸುವ ಈ ನಾಟಕ ಪ್ರದರ್ಶನದ ಉದ್ಘಾಟನೆಯನ್ನು ಗಣ್ಯರು ನೆರವೇರಿಸಲಿದ್ದಾರೆ. ಮಹಿಳೆಯರು ಹಾಗೂ ಯುವಕರು ಭಾಗವಹಿಸಲಿದ್ದಾರೆ.
